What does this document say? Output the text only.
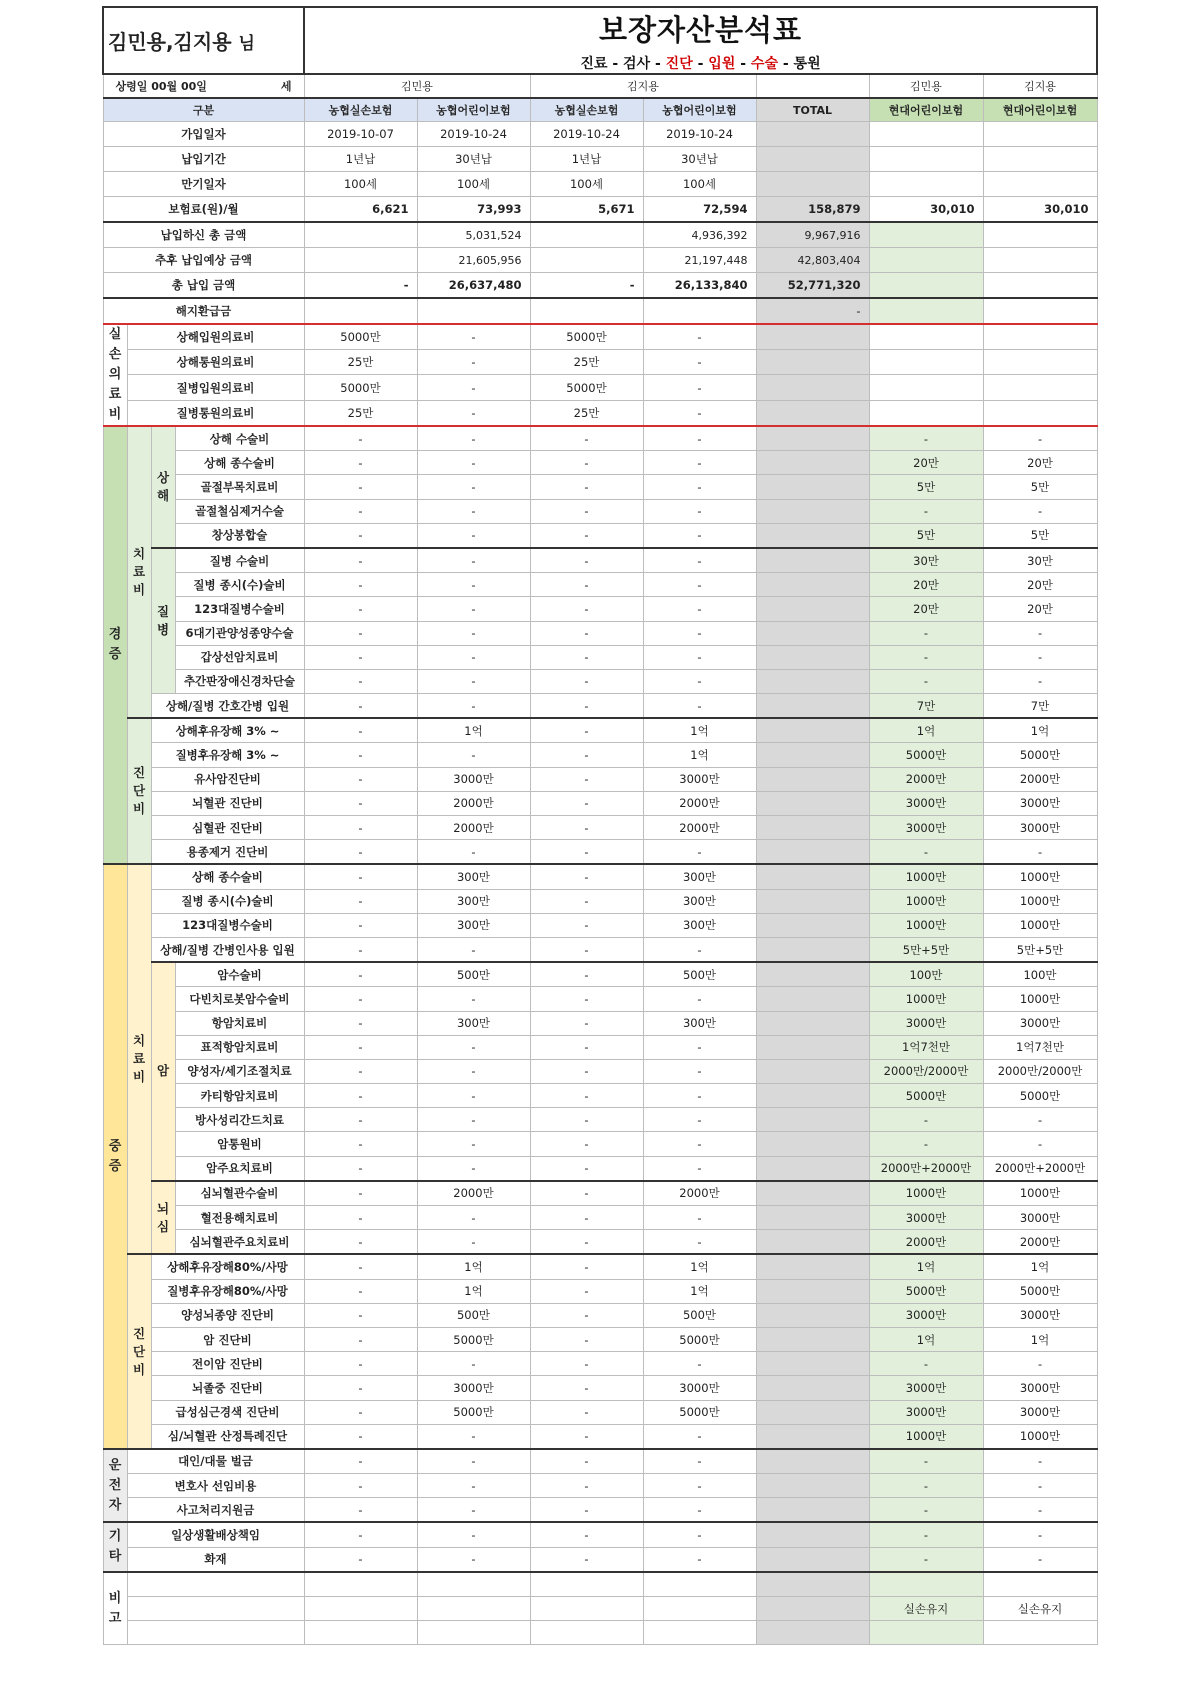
김민용,김지용 님				보장자산분석표
진료 - 검사 - 진단 - 입원 - 수술 - 통원						

상령일 00월 00일 세				김민용		김지용			김민용	김지용
구분				농협실손보험	농협어린이보험	농협실손보험	농협어린이보험	TOTAL	현대어린이보험	현대어린이보험
가입일자				2019-10-07	2019-10-24	2019-10-24	2019-10-24			
납입기간				1년납	30년납	1년납	30년납			
만기일자				100세	100세	100세	100세			
보험료(원)/월				6,621	73,993	5,671	72,594	158,879	30,010	30,010
납입하신 총 금액					5,031,524		4,936,392	9,967,916		
추후 납입예상 금액					21,605,956		21,197,448	42,803,404		
총 납입 금액				-	26,637,480	-	26,133,840	52,771,320		
해지환급금								-		
실손의료비	상해입원의료비			5000만	-	5000만	-			
	상해통원의료비			25만	-	25만	-			
	질병입원의료비			5000만	-	5000만	-			
	질병통원의료비			25만	-	25만	-			
경증	치료비	상해	상해 수술비	-	-	-	-		-	-
			상해 종수술비	-	-	-	-		20만	20만
			골절부목치료비	-	-	-	-		5만	5만
			골절철심제거수술	-	-	-	-		-	-
			창상봉합술	-	-	-	-		5만	5만
		질병	질병 수술비	-	-	-	-		30만	30만
			질병 종시(수)술비	-	-	-	-		20만	20만
			123대질병수술비	-	-	-	-		20만	20만
			6대기관양성종양수술	-	-	-	-		-	-
			갑상선암치료비	-	-	-	-		-	-
			추간판장애신경차단술	-	-	-	-		-	-
		상해/질병 간호간병 입원		-	-	-	-		7만	7만
	진단비	상해후유장해 3% ~		-	1억	-	1억		1억	1억
		질병후유장해 3% ~		-	-	-	1억		5000만	5000만
		유사암진단비		-	3000만	-	3000만		2000만	2000만
		뇌혈관 진단비		-	2000만	-	2000만		3000만	3000만
		심혈관 진단비		-	2000만	-	2000만		3000만	3000만
		용종제거 진단비		-	-	-	-		-	-
중증	치료비	상해 종수술비		-	300만	-	300만		1000만	1000만
		질병 종시(수)술비		-	300만	-	300만		1000만	1000만
		123대질병수술비		-	300만	-	300만		1000만	1000만
		상해/질병 간병인사용 입원		-	-	-	-		5만+5만	5만+5만
		암	암수술비	-	500만	-	500만		100만	100만
			다빈치로봇암수술비	-	-	-	-		1000만	1000만
			항암치료비	-	300만	-	300만		3000만	3000만
			표적항암치료비	-	-	-	-		1억7천만	1억7천만
			양성자/세기조절치료	-	-	-	-		2000만/2000만	2000만/2000만
			카티항암치료비	-	-	-	-		5000만	5000만
			방사성리간드치료	-	-	-	-		-	-
			암통원비	-	-	-	-		-	-
			암주요치료비	-	-	-	-		2000만+2000만	2000만+2000만
		뇌심	심뇌혈관수술비	-	2000만	-	2000만		1000만	1000만
			혈전용해치료비	-	-	-	-		3000만	3000만
			심뇌혈관주요치료비	-	-	-	-		2000만	2000만
	진단비	상해후유장해80%/사망		-	1억	-	1억		1억	1억
		질병후유장해80%/사망		-	1억	-	1억		5000만	5000만
		양성뇌종양 진단비		-	500만	-	500만		3000만	3000만
		암 진단비		-	5000만	-	5000만		1억	1억
		전이암 진단비		-	-	-	-		-	-
		뇌졸중 진단비		-	3000만	-	3000만		3000만	3000만
		급성심근경색 진단비		-	5000만	-	5000만		3000만	3000만
		심/뇌혈관 산정특례진단		-	-	-	-		1000만	1000만
운전자	대인/대물 벌금			-	-	-	-		-	-
	변호사 선임비용			-	-	-	-		-	-
	사고처리지원금			-	-	-	-		-	-
기타	일상생활배상책임			-	-	-	-		-	-
	화재			-	-	-	-		-	-
비고										
									실손유지	실손유지
